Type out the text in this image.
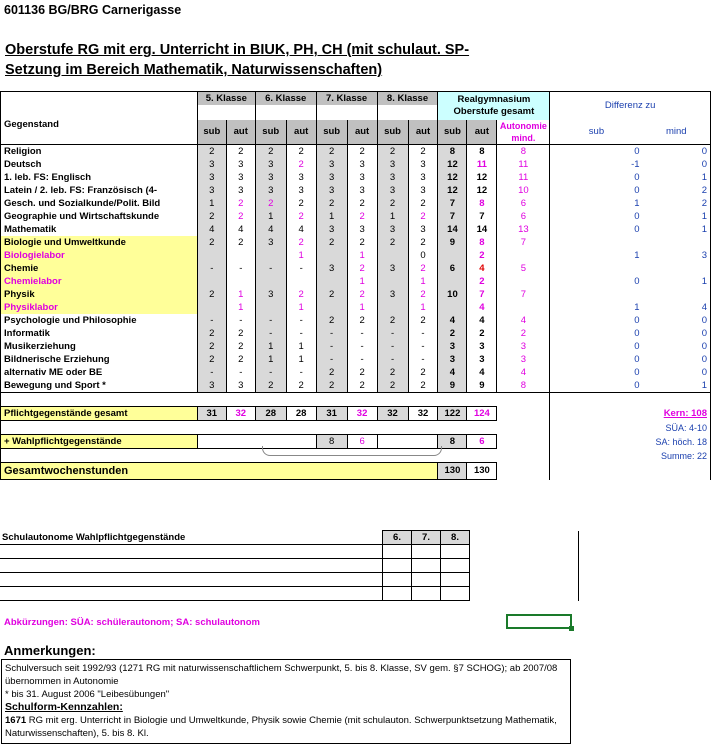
601136 BG/BRG Carnerigasse
Oberstufe RG mit erg. Unterricht in BIUK, PH, CH (mit schulaut. SP-
Setzung im Bereich Mathematik, Naturwissenschaften)
	5. Klasse		6. Klasse		7. Klasse		8. Klasse		Realgymnasium
Oberstufe gesamt			Differenz zu	
Gegenstand													
	sub	aut	sub	aut	sub	aut	sub	aut	sub	aut	Autonomie
mind.	sub	mind
Religion	2	2	2	2	2	2	2	2	8	8	8	0	0
Deutsch	3	3	3	2	3	3	3	3	12	11	11	-1	0
1. leb. FS: Englisch	3	3	3	3	3	3	3	3	12	12	11	0	1
Latein / 2. leb. FS: Französisch (4-	3	3	3	3	3	3	3	3	12	12	10	0	2
Gesch. und Sozialkunde/Polit. Bild	1	2	2	2	2	2	2	2	7	8	6	1	2
Geographie und Wirtschaftskunde	2	2	1	2	1	2	1	2	7	7	6	0	1
Mathematik	4	4	4	4	3	3	3	3	14	14	13	0	1
Biologie und Umweltkunde	2	2	3	2	2	2	2	2	9	8	7		
Biologielabor				1		1		0		2		1	3
Chemie	-	-	-	-	3	2	3	2	6	4	5		
Chemielabor						1		1		2		0	1
Physik	2	1	3	2	2	2	3	2	10	7	7		
Physiklabor		1		1		1		1		4		1	4
Psychologie und Philosophie	-	-	-	-	2	2	2	2	4	4	4	0	0
Informatik	2	2	-	-	-	-	-	-	2	2	2	0	0
Musikerziehung	2	2	1	1	-	-	-	-	3	3	3	0	0
Bildnerische Erziehung	2	2	1	1	-	-	-	-	3	3	3	0	0
alternativ ME oder BE	-	-	-	-	2	2	2	2	4	4	4	0	0
Bewegung und Sport *	3	3	2	2	2	2	2	2	9	9	8	0	1

Pflichtgegenstände gesamt	31	32	28	28	31	32	32	32	122	124		Kern: 108	
												SÜA: 4-10	
+ Wahlpflichtgegenstände					8	6			8	6		SA: höch. 18	
												Summe: 22	
Gesamtwochenstunden									130	130			
Schulautonome Wahlpflichtgegenstände	6.	7.	8.	

Abkürzungen: SÜA: schülerautonom; SA: schulautonom
Anmerkungen:
Schulversuch seit 1992/93 (1271 RG mit naturwissenschaftlichem Schwerpunkt, 5. bis 8. Klasse, SV gem. §7 SCHOG); ab 2007/08 übernommen in Autonomie
* bis 31. August 2006 "Leibesübungen"
Schulform-Kennzahlen:
1671 RG mit erg. Unterricht in Biologie und Umweltkunde, Physik sowie Chemie (mit schulauton. Schwerpunktsetzung Mathematik, Naturwissenschaften), 5. bis 8. Kl.
